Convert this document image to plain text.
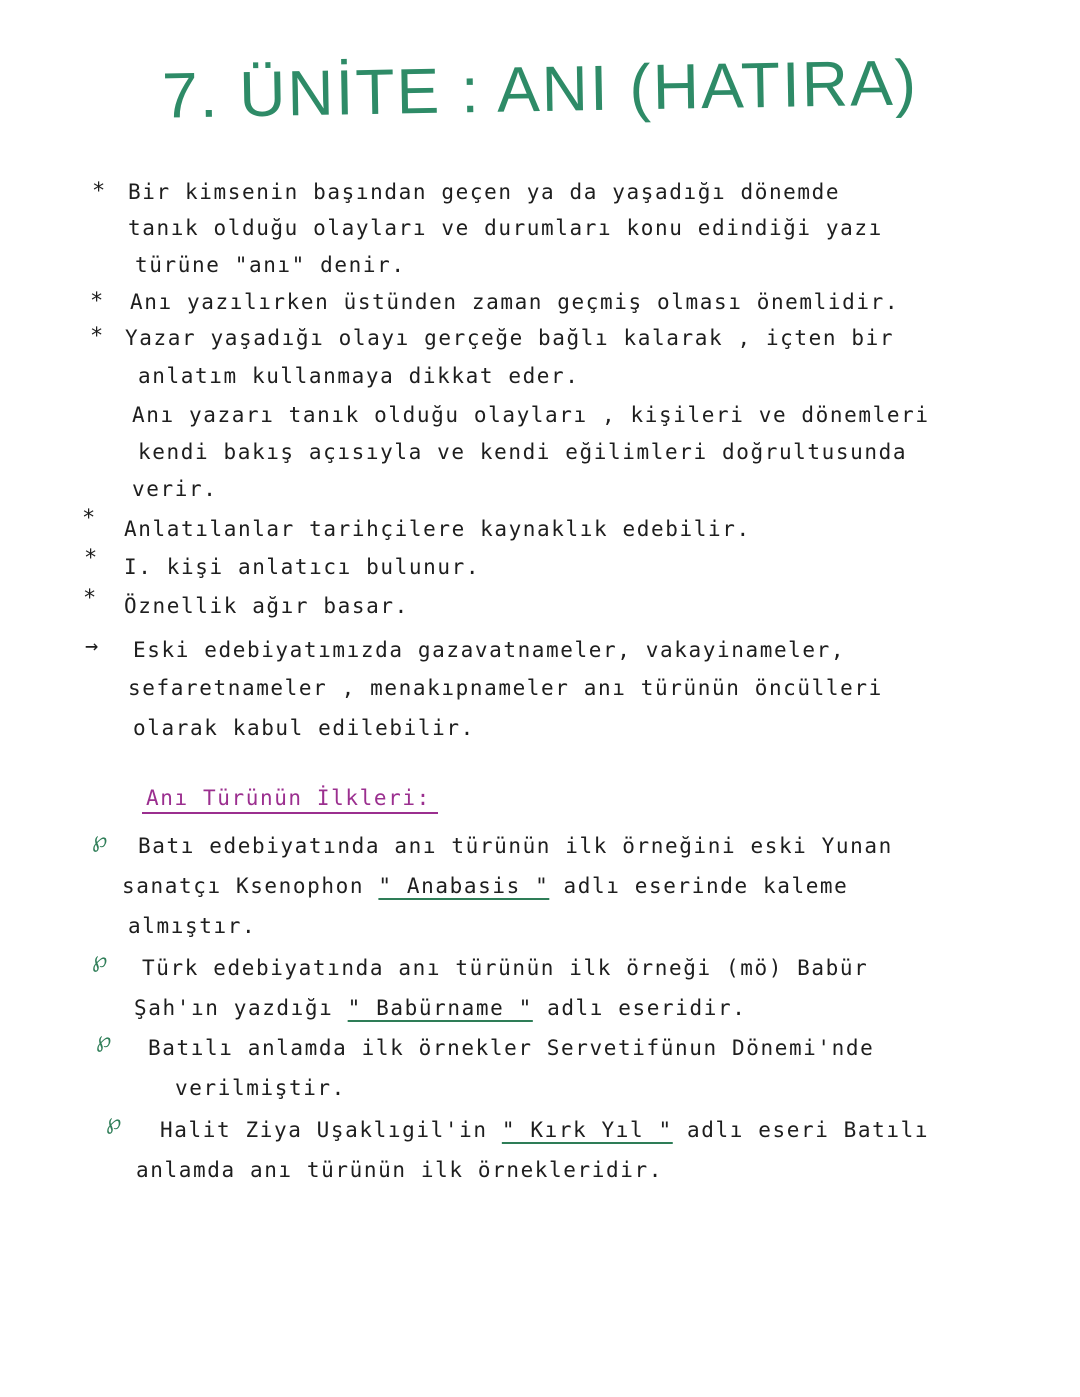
7. ÜNİTE : ANI (HATIRA)
* Bir kimsenin başından geçen ya da yaşadığı dönemde
tanık olduğu olayları ve durumları konu edindiği yazı
türüne "anı" denir.
* Anı yazılırken üstünden zaman geçmiş olması önemlidir.
* Yazar yaşadığı olayı gerçeğe bağlı kalarak , içten bir
anlatım kullanmaya dikkat eder.
Anı yazarı tanık olduğu olayları , kişileri ve dönemleri
kendi bakış açısıyla ve kendi eğilimleri doğrultusunda
verir.
* Anlatılanlar tarihçilere kaynaklık edebilir.
* I. kişi anlatıcı bulunur.
* Öznellik ağır basar.
→ Eski edebiyatımızda gazavatnameler, vakayinameler,
sefaretnameler , menakıpnameler anı türünün öncülleri
olarak kabul edilebilir.
Anı Türünün İlkleri:
℘ Batı edebiyatında anı türünün ilk örneğini eski Yunan
sanatçı Ksenophon " Anabasis " adlı eserinde kaleme
almıştır.
℘ Türk edebiyatında anı türünün ilk örneği (mö) Babür
Şah'ın yazdığı " Babürname " adlı eseridir.
℘ Batılı anlamda ilk örnekler Servetifünun Dönemi'nde
verilmiştir.
℘ Halit Ziya Uşaklıgil'in " Kırk Yıl " adlı eseri Batılı
anlamda anı türünün ilk örnekleridir.
